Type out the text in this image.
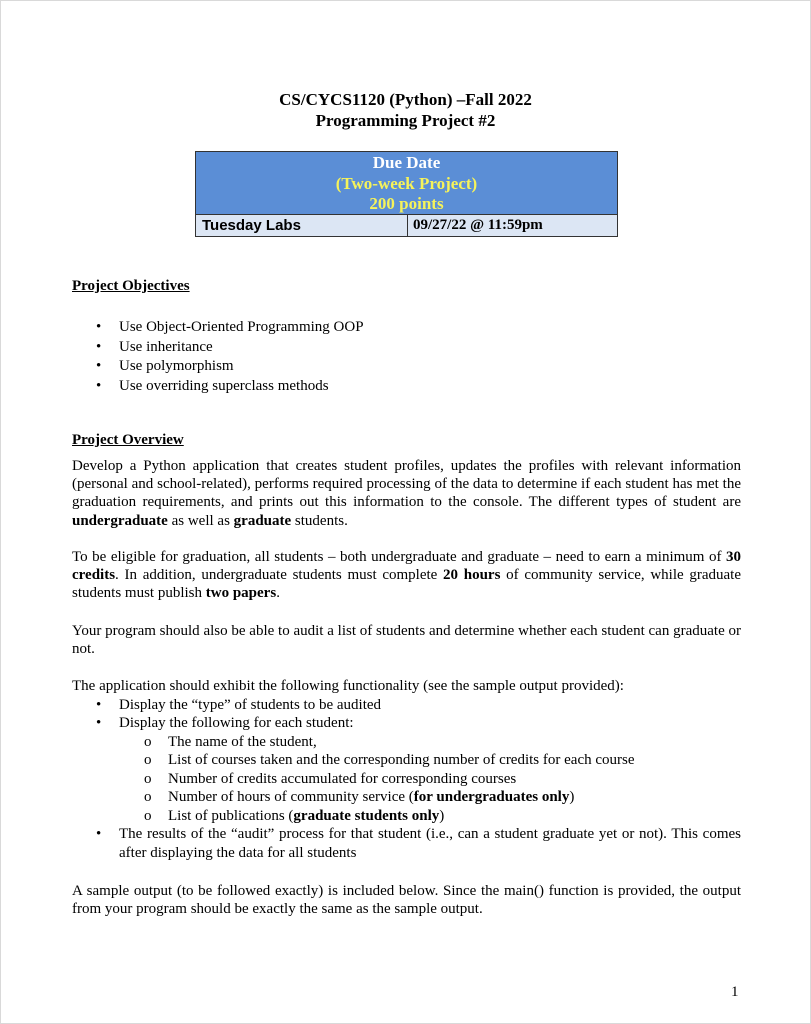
CS/CYCS1120 (Python) –Fall 2022
Programming Project #2
Due Date
(Two-week Project)
200 points
Tuesday Labs	09/27/22 @ 11:59pm
Project Objectives
• Use Object-Oriented Programming OOP
• Use inheritance
• Use polymorphism
• Use overriding superclass methods
Project Overview

Develop a Python application that creates student profiles, updates the profiles with relevant information (personal and school-related), performs required processing of the data to determine if each student has met the graduation requirements, and prints out this information to the console. The different types of student are undergraduate as well as graduate students.

To be eligible for graduation, all students – both undergraduate and graduate – need to earn a minimum of 30 credits. In addition, undergraduate students must complete 20 hours of community service, while graduate students must publish two papers.

Your program should also be able to audit a list of students and determine whether each student can graduate or not.

The application should exhibit the following functionality (see the sample output provided):
• Display the “type” of students to be audited
• Display the following for each student:
o The name of the student,
o List of courses taken and the corresponding number of credits for each course
o Number of credits accumulated for corresponding courses
o Number of hours of community service (for undergraduates only)
o List of publications (graduate students only)
• The results of the “audit” process for that student (i.e., can a student graduate yet or not). This comes after displaying the data for all students

A sample output (to be followed exactly) is included below. Since the main() function is provided, the output from your program should be exactly the same as the sample output.

1
